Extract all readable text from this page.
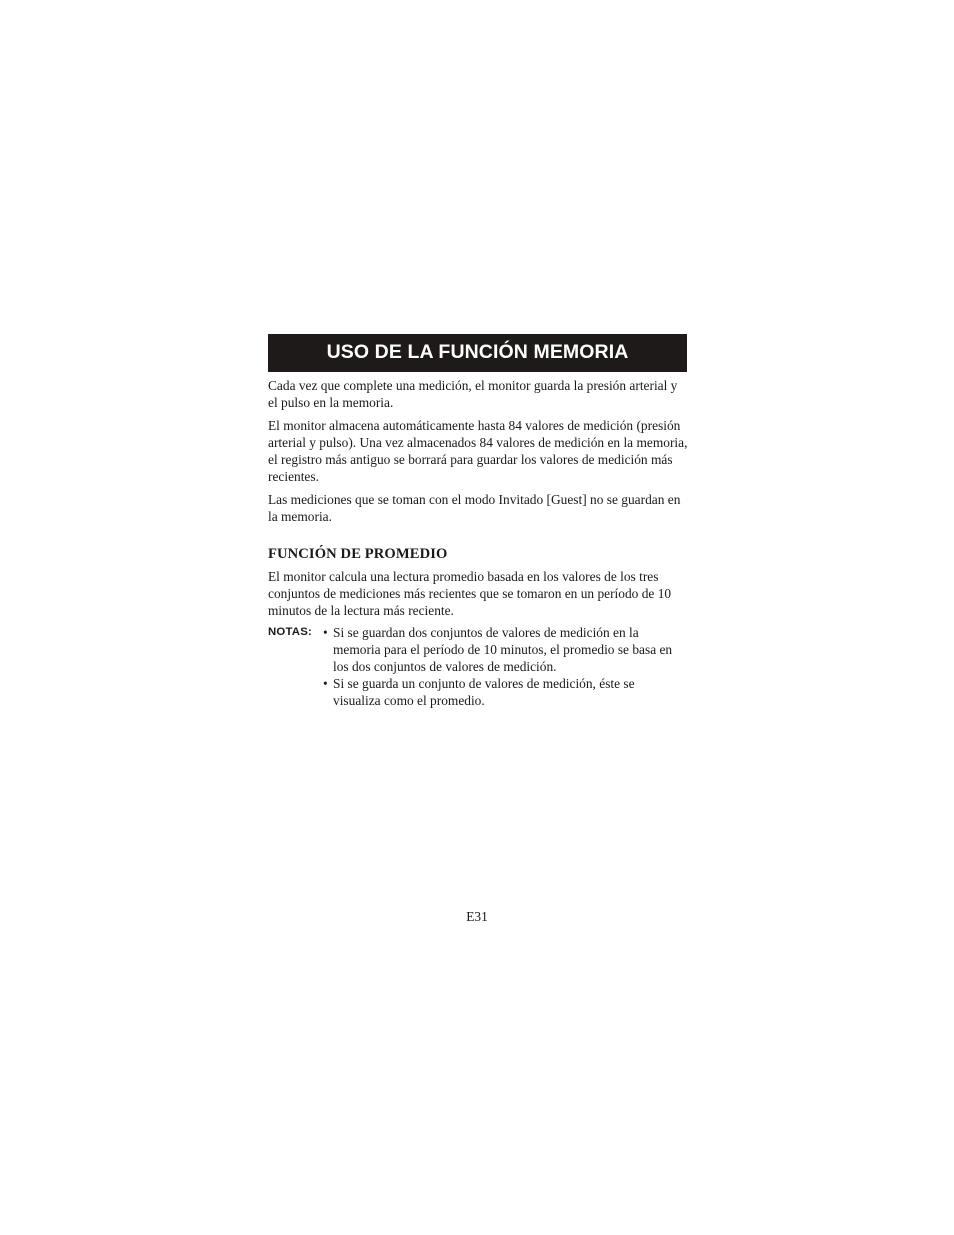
USO DE LA FUNCIÓN MEMORIA

Cada vez que complete una medición, el monitor guarda la presión arterial y el pulso en la memoria.

El monitor almacena automáticamente hasta 84 valores de medición (presión arterial y pulso). Una vez almacenados 84 valores de medición en la memoria, el registro más antiguo se borrará para guardar los valores de medición más recientes.

Las mediciones que se toman con el modo Invitado [Guest] no se guardan en la memoria.

FUNCIÓN DE PROMEDIO

El monitor calcula una lectura promedio basada en los valores de los tres conjuntos de mediciones más recientes que se tomaron en un período de 10 minutos de la lectura más reciente.

NOTAS: • Si se guardan dos conjuntos de valores de medición en la memoria para el período de 10 minutos, el promedio se basa en los dos conjuntos de valores de medición.
• Si se guarda un conjunto de valores de medición, éste se visualiza como el promedio.
E31
